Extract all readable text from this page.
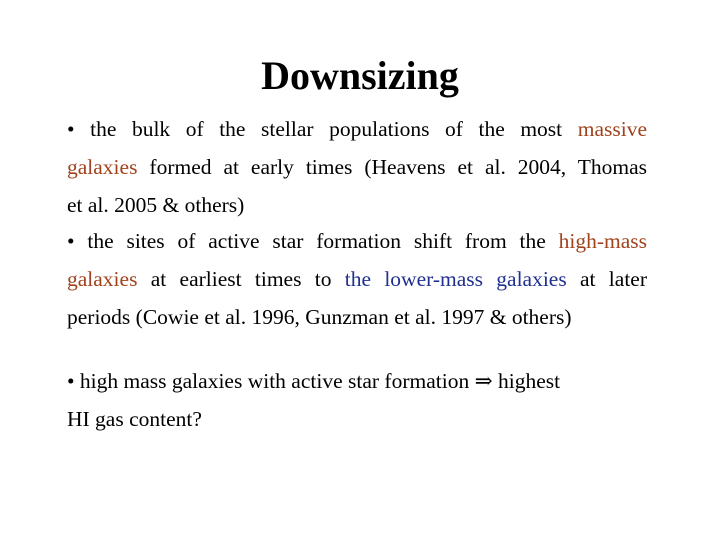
Downsizing
• the bulk of the stellar populations of the most massive
galaxies formed at early times (Heavens et al. 2004, Thomas
et al. 2005 & others)
• the sites of active star formation shift from the high-mass
galaxies at earliest times to the lower-mass galaxies at later
periods (Cowie et al. 1996, Gunzman et al. 1997 & others)
• high mass galaxies with active star formation ⇒ highest
HI gas content?
